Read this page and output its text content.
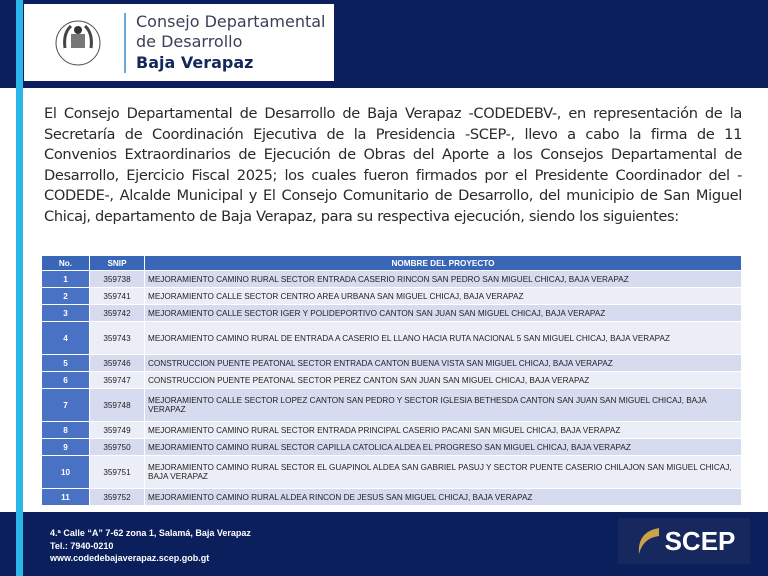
Consejo Departamental
de Desarrollo
Baja Verapaz

El Consejo Departamental de Desarrollo de Baja Verapaz -CODEDEBV-, en representación de la Secretaría de Coordinación Ejecutiva de la Presidencia -SCEP-, llevo a cabo la firma de 11 Convenios Extraordinarios de Ejecución de Obras del Aporte a los Consejos Departamental de Desarrollo, Ejercicio Fiscal 2025; los cuales fueron firmados por el Presidente Coordinador del -CODEDE-, Alcalde Municipal y El Consejo Comunitario de Desarrollo, del municipio de San Miguel Chicaj, departamento de Baja Verapaz, para su respectiva ejecución, siendo los siguientes:

No.	SNIP	NOMBRE DEL PROYECTO
1	359738	MEJORAMIENTO CAMINO RURAL SECTOR ENTRADA CASERIO RINCON SAN PEDRO SAN MIGUEL CHICAJ, BAJA VERAPAZ
2	359741	MEJORAMIENTO CALLE SECTOR CENTRO AREA URBANA SAN MIGUEL CHICAJ, BAJA VERAPAZ
3	359742	MEJORAMIENTO CALLE SECTOR IGER Y POLIDEPORTIVO CANTON SAN JUAN SAN MIGUEL CHICAJ, BAJA VERAPAZ
4	359743	MEJORAMIENTO CAMINO RURAL DE ENTRADA A CASERIO EL LLANO HACIA RUTA NACIONAL 5 SAN MIGUEL CHICAJ, BAJA VERAPAZ
5	359746	CONSTRUCCION PUENTE PEATONAL SECTOR ENTRADA CANTON BUENA VISTA SAN MIGUEL CHICAJ, BAJA VERAPAZ
6	359747	CONSTRUCCION PUENTE PEATONAL SECTOR PEREZ CANTON SAN JUAN SAN MIGUEL CHICAJ, BAJA VERAPAZ
7	359748	MEJORAMIENTO CALLE SECTOR LOPEZ CANTON SAN PEDRO Y SECTOR IGLESIA BETHESDA CANTON SAN JUAN SAN MIGUEL CHICAJ, BAJA VERAPAZ
8	359749	MEJORAMIENTO CAMINO RURAL SECTOR ENTRADA PRINCIPAL CASERIO PACANI SAN MIGUEL CHICAJ, BAJA VERAPAZ
9	359750	MEJORAMIENTO CAMINO RURAL SECTOR CAPILLA CATOLICA ALDEA EL PROGRESO SAN MIGUEL CHICAJ, BAJA VERAPAZ
10	359751	MEJORAMIENTO CAMINO RURAL SECTOR EL GUAPINOL ALDEA SAN GABRIEL PASUJ Y SECTOR PUENTE CASERIO CHILAJON SAN MIGUEL CHICAJ, BAJA VERAPAZ
11	359752	MEJORAMIENTO CAMINO RURAL ALDEA RINCON DE JESUS SAN MIGUEL CHICAJ, BAJA VERAPAZ
4.ª Calle “A” 7-62 zona 1, Salamá, Baja Verapaz
Tel.: 7940-0210
www.codedebajaverapaz.scep.gob.gt
SCEP
